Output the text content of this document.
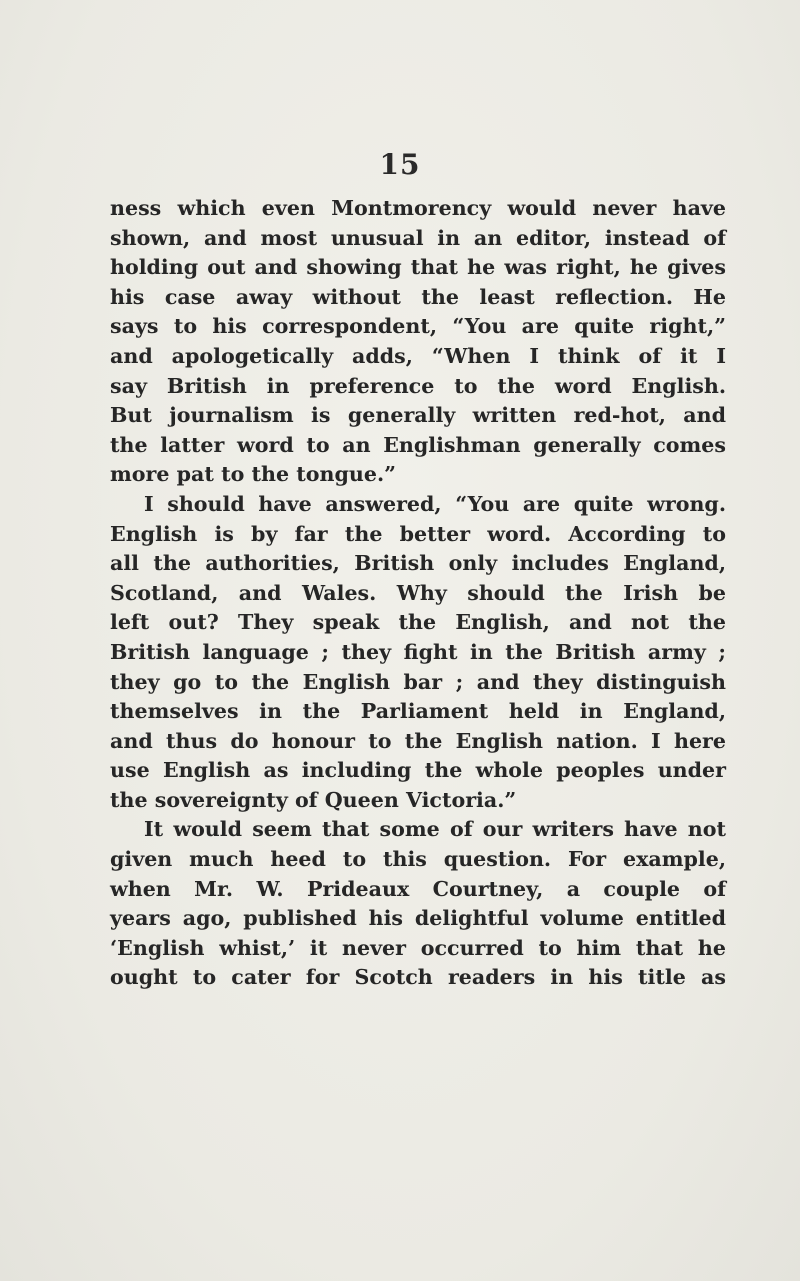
15
ness which even Montmorency would never have
shown, and most unusual in an editor, instead of
holding out and showing that he was right, he gives
his case away without the least reflection. He
says to his correspondent, “You are quite right,”
and apologetically adds, “When I think of it I
say British in preference to the word English.
But journalism is generally written red-hot, and
the latter word to an Englishman generally comes
more pat to the tongue.”
I should have answered, “You are quite wrong.
English is by far the better word. According to
all the authorities, British only includes England,
Scotland, and Wales. Why should the Irish be
left out? They speak the English, and not the
British language ; they fight in the British army ;
they go to the English bar ; and they distinguish
themselves in the Parliament held in England,
and thus do honour to the English nation. I here
use English as including the whole peoples under
the sovereignty of Queen Victoria.”
It would seem that some of our writers have not
given much heed to this question. For example,
when Mr. W. Prideaux Courtney, a couple of
years ago, published his delightful volume entitled
‘English whist,’ it never occurred to him that he
ought to cater for Scotch readers in his title as
